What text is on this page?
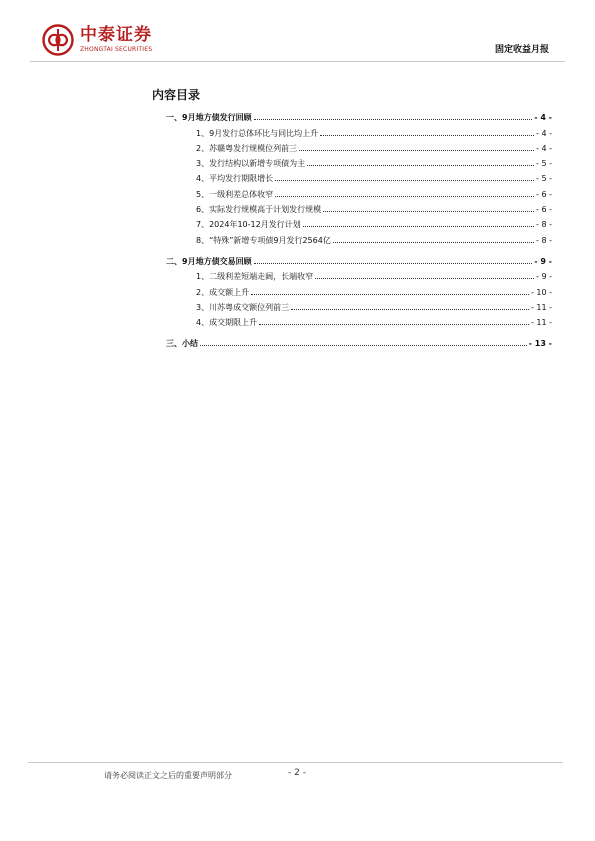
中泰证券
ZHONGTAI SECURITIES	固定收益月报
内容目录
一、9月地方债发行回顾	- 4 -
1、9月发行总体环比与同比均上升	- 4 -
2、苏赣粤发行规模位列前三	- 4 -
3、发行结构以新增专项债为主	- 5 -
4、平均发行期限增长	- 5 -
5、一级利差总体收窄	- 6 -
6、实际发行规模高于计划发行规模	- 6 -
7、2024年10-12月发行计划	- 8 -
8、“特殊”新增专项债9月发行2564亿	- 8 -
二、9月地方债交易回顾	- 9 -
1、二级利差短端走阔，长端收窄	- 9 -
2、成交额上升	- 10 -
3、川苏粤成交额位列前三	- 11 -
4、成交期限上升	- 11 -
三、小结	- 13 -
请务必阅读正文之后的重要声明部分	- 2 -
